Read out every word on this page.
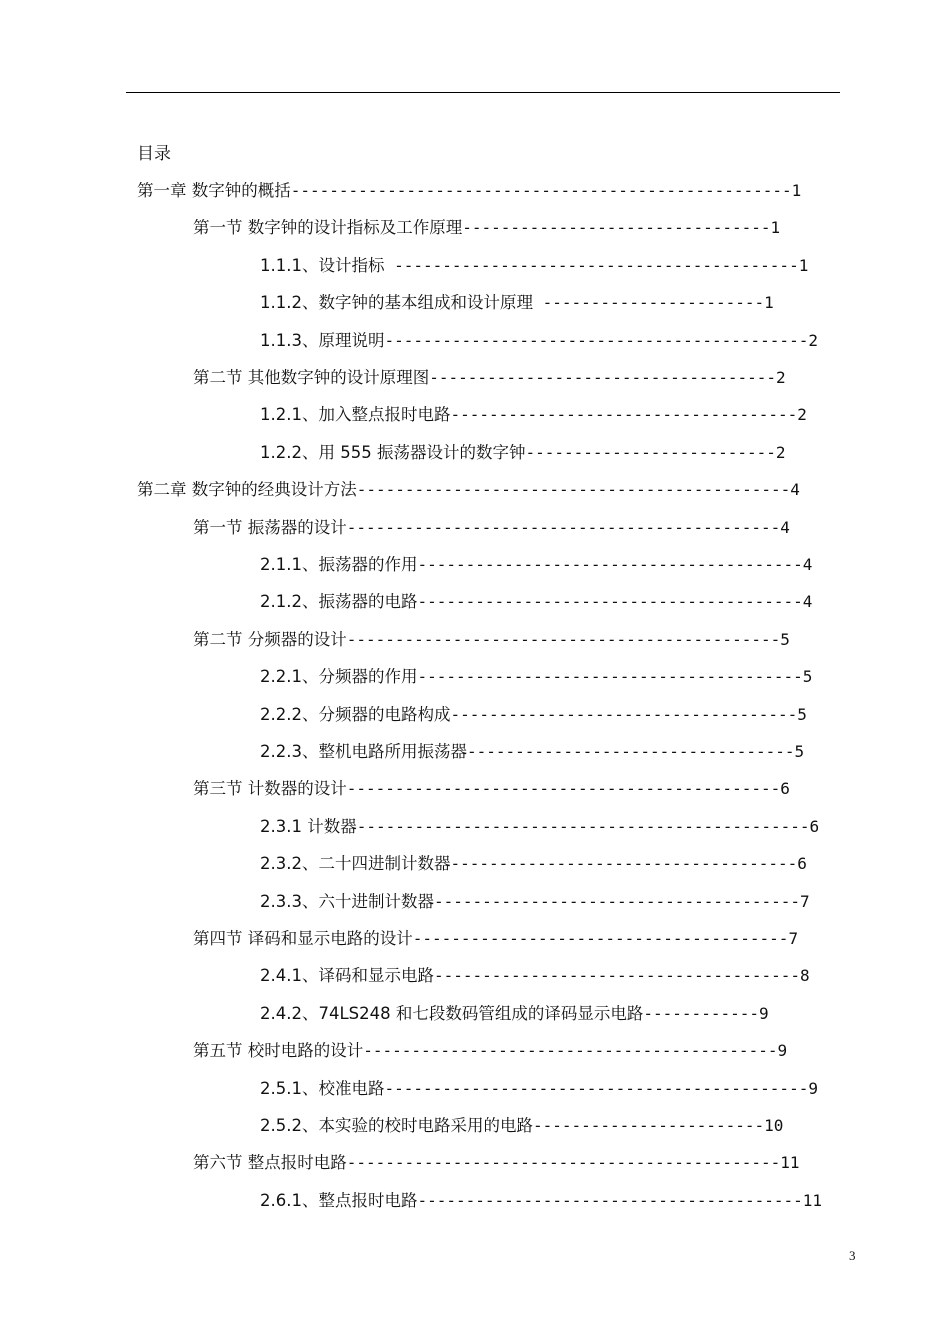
目录
第一章 数字钟的概括----------------------------------------------------1
第一节 数字钟的设计指标及工作原理--------------------------------1
1.1.1、设计指标 ------------------------------------------1
1.1.2、数字钟的基本组成和设计原理 -----------------------1
1.1.3、原理说明--------------------------------------------2
第二节 其他数字钟的设计原理图------------------------------------2
1.2.1、加入整点报时电路------------------------------------2
1.2.2、用 555 振荡器设计的数字钟--------------------------2
第二章 数字钟的经典设计方法---------------------------------------------4
第一节 振荡器的设计---------------------------------------------4
2.1.1、振荡器的作用----------------------------------------4
2.1.2、振荡器的电路----------------------------------------4
第二节 分频器的设计---------------------------------------------5
2.2.1、分频器的作用----------------------------------------5
2.2.2、分频器的电路构成------------------------------------5
2.2.3、整机电路所用振荡器----------------------------------5
第三节 计数器的设计---------------------------------------------6
2.3.1 计数器-----------------------------------------------6
2.3.2、二十四进制计数器------------------------------------6
2.3.3、六十进制计数器--------------------------------------7
第四节 译码和显示电路的设计---------------------------------------7
2.4.1、译码和显示电路--------------------------------------8
2.4.2、74LS248 和七段数码管组成的译码显示电路------------9
第五节 校时电路的设计-------------------------------------------9
2.5.1、校准电路--------------------------------------------9
2.5.2、本实验的校时电路采用的电路------------------------10
第六节 整点报时电路---------------------------------------------11
2.6.1、整点报时电路----------------------------------------11
3
